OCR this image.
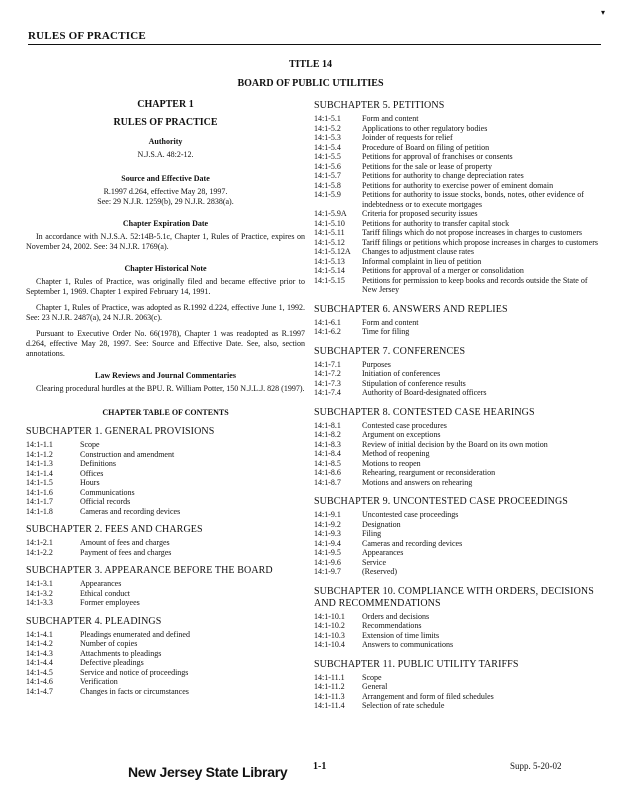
▾
RULES OF PRACTICE
TITLE 14
BOARD OF PUBLIC UTILITIES
CHAPTER 1
RULES OF PRACTICE
Authority
N.J.S.A. 48:2-12.
Source and Effective Date
R.1997 d.264, effective May 28, 1997.
See: 29 N.J.R. 1259(b), 29 N.J.R. 2838(a).
Chapter Expiration Date

In accordance with N.J.S.A. 52:14B-5.1c, Chapter 1, Rules of Practice, expires on November 24, 2002. See: 34 N.J.R. 1769(a).

Chapter Historical Note

Chapter 1, Rules of Practice, was originally filed and became effective prior to September 1, 1969. Chapter 1 expired February 14, 1991.

Chapter 1, Rules of Practice, was adopted as R.1992 d.224, effective June 1, 1992. See: 23 N.J.R. 2487(a), 24 N.J.R. 2063(c).

Pursuant to Executive Order No. 66(1978), Chapter 1 was readopted as R.1997 d.264, effective May 28, 1997. See: Source and Effective Date. See, also, section annotations.

Law Reviews and Journal Commentaries

Clearing procedural hurdles at the BPU. R. William Potter, 150 N.J.L.J. 828 (1997).

CHAPTER TABLE OF CONTENTS
SUBCHAPTER 1. GENERAL PROVISIONS
14:1-1.1	Scope
14:1-1.2	Construction and amendment
14:1-1.3	Definitions
14:1-1.4	Offices
14:1-1.5	Hours
14:1-1.6	Communications
14:1-1.7	Official records
14:1-1.8	Cameras and recording devices
SUBCHAPTER 2. FEES AND CHARGES
14:1-2.1	Amount of fees and charges
14:1-2.2	Payment of fees and charges
SUBCHAPTER 3. APPEARANCE BEFORE THE BOARD
14:1-3.1	Appearances
14:1-3.2	Ethical conduct
14:1-3.3	Former employees
SUBCHAPTER 4. PLEADINGS
14:1-4.1	Pleadings enumerated and defined
14:1-4.2	Number of copies
14:1-4.3	Attachments to pleadings
14:1-4.4	Defective pleadings
14:1-4.5	Service and notice of proceedings
14:1-4.6	Verification
14:1-4.7	Changes in facts or circumstances
SUBCHAPTER 5. PETITIONS
14:1-5.1	Form and content
14:1-5.2	Applications to other regulatory bodies
14:1-5.3	Joinder of requests for relief
14:1-5.4	Procedure of Board on filing of petition
14:1-5.5	Petitions for approval of franchises or consents
14:1-5.6	Petitions for the sale or lease of property
14:1-5.7	Petitions for authority to change depreciation rates
14:1-5.8	Petitions for authority to exercise power of eminent domain
14:1-5.9	Petitions for authority to issue stocks, bonds, notes, other evidence of indebtedness or to execute mortgages
14:1-5.9A	Criteria for proposed security issues
14:1-5.10	Petitions for authority to transfer capital stock
14:1-5.11	Tariff filings which do not propose increases in charges to customers
14:1-5.12	Tariff filings or petitions which propose increases in charges to customers
14:1-5.12A	Changes to adjustment clause rates
14:1-5.13	Informal complaint in lieu of petition
14:1-5.14	Petitions for approval of a merger or consolidation
14:1-5.15	Petitions for permission to keep books and records outside the State of New Jersey
SUBCHAPTER 6. ANSWERS AND REPLIES
14:1-6.1	Form and content
14:1-6.2	Time for filing
SUBCHAPTER 7. CONFERENCES
14:1-7.1	Purposes
14:1-7.2	Initiation of conferences
14:1-7.3	Stipulation of conference results
14:1-7.4	Authority of Board-designated officers
SUBCHAPTER 8. CONTESTED CASE HEARINGS
14:1-8.1	Contested case procedures
14:1-8.2	Argument on exceptions
14:1-8.3	Review of initial decision by the Board on its own motion
14:1-8.4	Method of reopening
14:1-8.5	Motions to reopen
14:1-8.6	Rehearing, reargument or reconsideration
14:1-8.7	Motions and answers on rehearing
SUBCHAPTER 9. UNCONTESTED CASE PROCEEDINGS
14:1-9.1	Uncontested case proceedings
14:1-9.2	Designation
14:1-9.3	Filing
14:1-9.4	Cameras and recording devices
14:1-9.5	Appearances
14:1-9.6	Service
14:1-9.7	(Reserved)
SUBCHAPTER 10. COMPLIANCE WITH ORDERS, DECISIONS AND RECOMMENDATIONS
14:1-10.1	Orders and decisions
14:1-10.2	Recommendations
14:1-10.3	Extension of time limits
14:1-10.4	Answers to communications
SUBCHAPTER 11. PUBLIC UTILITY TARIFFS
14:1-11.1	Scope
14:1-11.2	General
14:1-11.3	Arrangement and form of filed schedules
14:1-11.4	Selection of rate schedule
New Jersey State Library	1-1	Supp. 5-20-02
